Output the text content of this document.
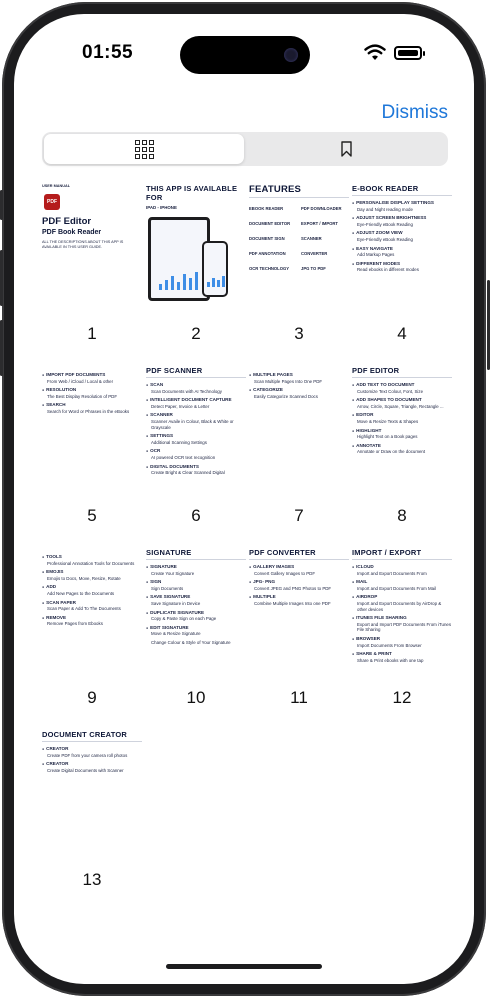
01:55
Dismiss
USER MANUAL
PDF
PDF Editor
PDF Book Reader
ALL THE DESCRIPTIONS ABOUT THIS APP IS AVAILABLE IN THIS USER GUIDE.
1
THIS APP IS AVAILABLE FOR
IPAD - IPHONE
2
FEATURES
EBOOK READER	PDF DOWNLOADER
DOCUMENT EDITOR	EXPORT / IMPORT
DOCUMENT SIGN	SCANNER
PDF ANNOTATION	CONVERTER
OCR TECHNOLOGY	JPG TO PDF
3
E-BOOK READER
● PERSONALISE DISPLAY SETTINGS
Day and Night reading mode
● ADJUST SCREEN BRIGHTNESS
Eye-Friendly eBook Reading
● ADJUST ZOOM VIEW
Eye-Friendly eBook Reading
● EASY NAVIGATE
Add Markup Pages
● DIFFERENT MODES
Read ebooks in different modes
4
● IMPORT PDF DOCUMENTS
From Web / iCloud / Local & other
● RESOLUTION
The Best Display Resolution of PDF
● SEARCH
Search for Word or Phrases in the eBooks
5
PDF SCANNER
● SCAN
Scan Documents with AI Technology
● INTELLIGENT DOCUMENT CAPTURE
Detect Paper, Invoice & Letter
● SCANNER
Scanner Availe in Colour, Black & White or Grayscale
● SETTINGS
Additional Scanning Settings
● OCR
AI powered OCR text recognition
● DIGITAL DOCUMENTS
Create Bright & Clear Scanned Digital
6
● MULTIPLE PAGES
Scan Multiple Pages Into One PDF
● CATEGORIZE
Easily Categorize Scanned Docs
7
PDF EDITOR
● ADD TEXT TO DOCUMENT
Customize Text Colour, Font, Size
● ADD SHAPES TO DOCUMENT
Arrow, Circle, Square, Triangle, Rectangle ...
● EDITOR
Move & Resize Texts & Shapes
● HIGHLIGHT
Highlight Text on a Book pages
● ANNOTATE
Annotate or Draw on the document
8
● TOOLS
Professional Annotation Tools for Documents
● EMOJIS
Emojis to Docs, Move, Resize, Rotate
● ADD
Add New Pages to the Documents
● SCAN PAPER
Scan Paper & Add To The Documents
● REMOVE
Remove Pages from Ebooks
9
SIGNATURE
● SIGNATURE
Create Your Signature
● SIGN
Sign Documents
● SAVE SIGNATURE
Save Signature in Device
● DUPLICATE SIGNATURE
Copy & Paste Sign on each Page
● EDIT SIGNATURE
Move & Resize Signature
Change Colour & Style of Your Signature
10
PDF CONVERTER
● GALLERY IMAGES
Convert Gallery Images to PDF
● JPG- PNG
Convert JPEG and PNG Photos to PDF
● MULTIPLE
Combine Multiple Images Into one PDF
11
IMPORT / EXPORT
● ICLOUD
Import and Export Documents From
● MAIL
Import and Export Documents From Mail
● AIRDROP
Import and Export Documents by AirDrop & other devices
● ITUNES FILE SHARING
Export and Import PDF Documents From iTunes File Sharing
● BROWSER
Import Documents From Browser
● SHARE & PRINT
Share & Print ebooks with one tap
12
DOCUMENT CREATOR
● CREATOR
Create PDF from your camera roll photos
● CREATOR
Create Digital Documents with Scanner
13
